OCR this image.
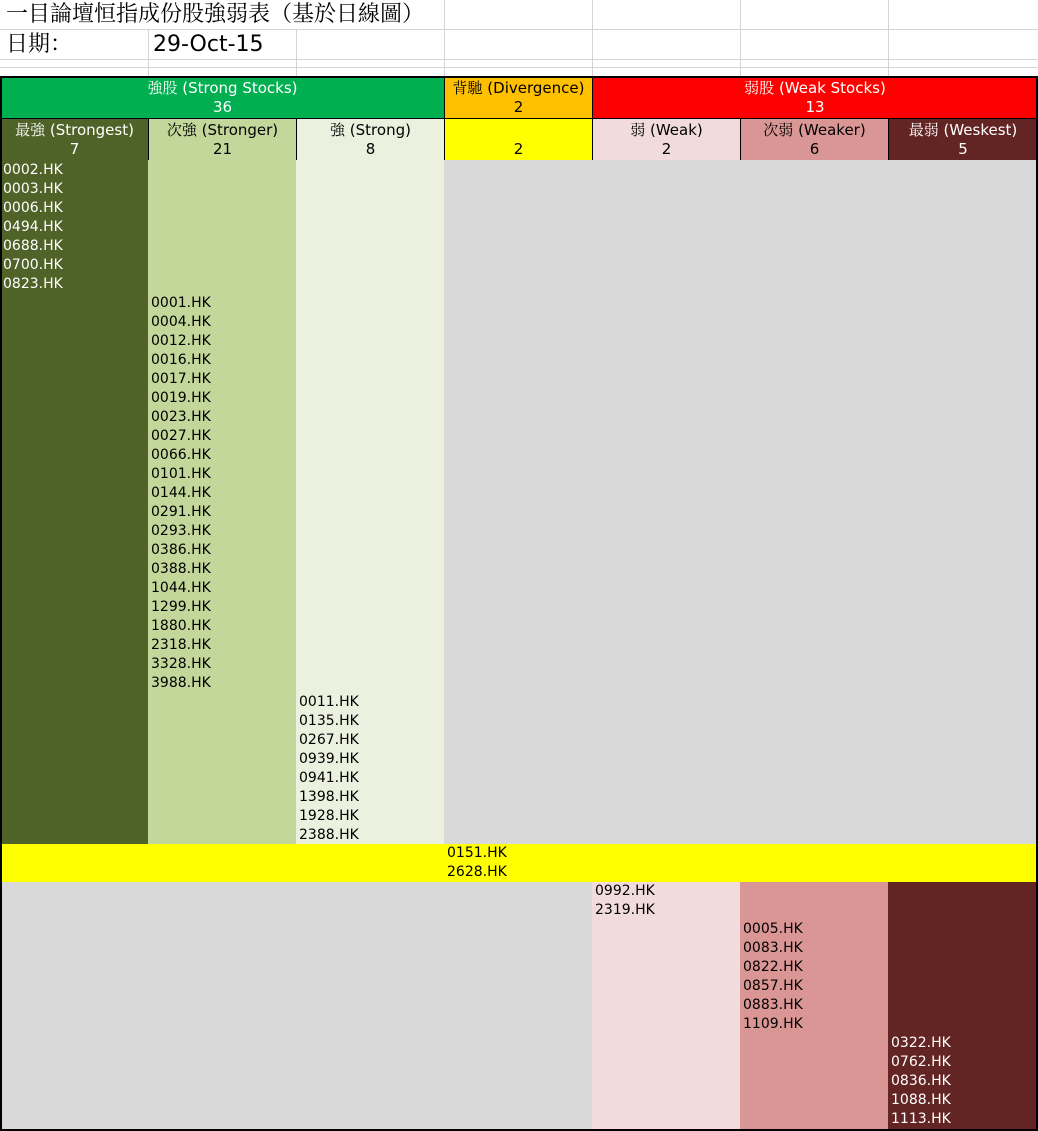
一目論壇恒指成份股強弱表（基於日線圖）
日期：	29-Oct-15
強股 (Strong Stocks)
36
背馳 (Divergence)
2
弱股 (Weak Stocks)
13
最強 (Strongest)
7
次強 (Stronger)
21
強 (Strong)
8	2
弱 (Weak)
2
次弱 (Weaker)
6
最弱 (Weskest)
5
0002.HK
0003.HK
0006.HK
0494.HK
0688.HK
0700.HK
0823.HK
0001.HK
0004.HK
0012.HK
0016.HK
0017.HK
0019.HK
0023.HK
0027.HK
0066.HK
0101.HK
0144.HK
0291.HK
0293.HK
0386.HK
0388.HK
1044.HK
1299.HK
1880.HK
2318.HK
3328.HK
3988.HK
0011.HK
0135.HK
0267.HK
0939.HK
0941.HK
1398.HK
1928.HK
2388.HK
0151.HK
2628.HK
0992.HK
2319.HK
0005.HK
0083.HK
0822.HK
0857.HK
0883.HK
1109.HK
0322.HK
0762.HK
0836.HK
1088.HK
1113.HK
